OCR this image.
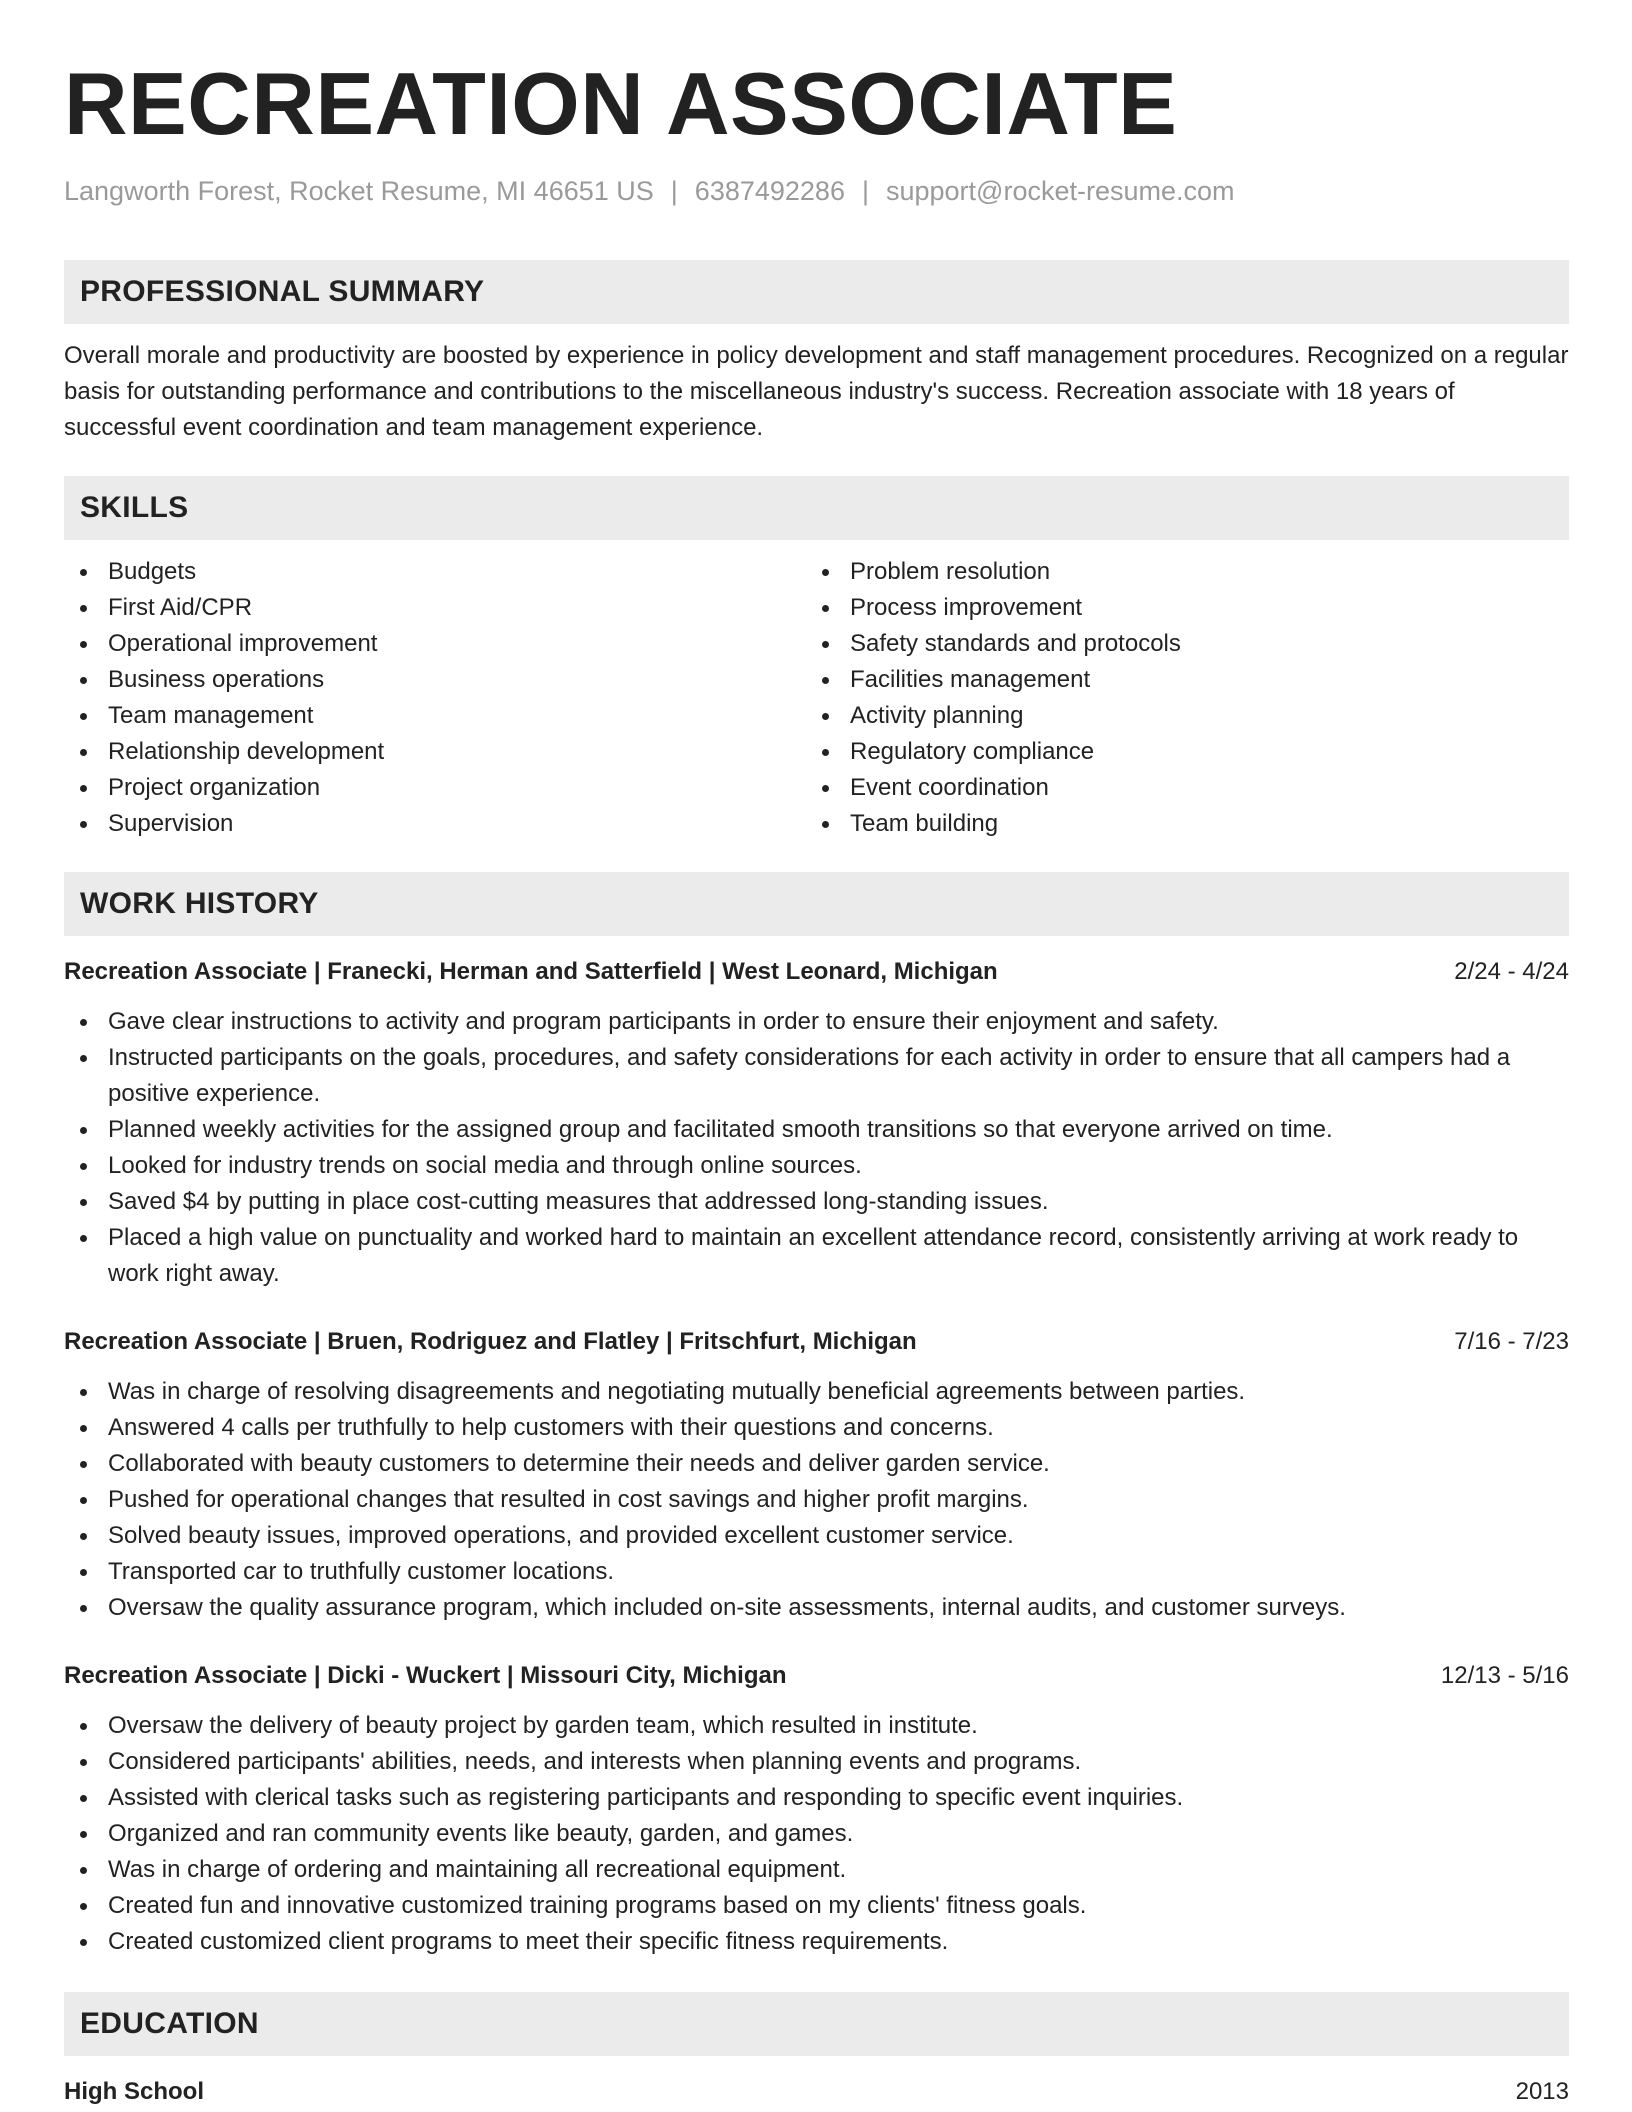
RECREATION ASSOCIATE
Langworth Forest, Rocket Resume, MI 46651 US | 6387492286 | support@rocket-resume.com
PROFESSIONAL SUMMARY

Overall morale and productivity are boosted by experience in policy development and staff management procedures. Recognized on a regular basis for outstanding performance and contributions to the miscellaneous industry's success. Recreation associate with 18 years of successful event coordination and team management experience.

SKILLS
Budgets
First Aid/CPR
Operational improvement
Business operations
Team management
Relationship development
Project organization
Supervision
Problem resolution
Process improvement
Safety standards and protocols
Facilities management
Activity planning
Regulatory compliance
Event coordination
Team building
WORK HISTORY
Recreation Associate | Franecki, Herman and Satterfield | West Leonard, Michigan	2/24 - 4/24
Gave clear instructions to activity and program participants in order to ensure their enjoyment and safety.
Instructed participants on the goals, procedures, and safety considerations for each activity in order to ensure that all campers had a positive experience.
Planned weekly activities for the assigned group and facilitated smooth transitions so that everyone arrived on time.
Looked for industry trends on social media and through online sources.
Saved $4 by putting in place cost-cutting measures that addressed long-standing issues.
Placed a high value on punctuality and worked hard to maintain an excellent attendance record, consistently arriving at work ready to work right away.
Recreation Associate | Bruen, Rodriguez and Flatley | Fritschfurt, Michigan	7/16 - 7/23
Was in charge of resolving disagreements and negotiating mutually beneficial agreements between parties.
Answered 4 calls per truthfully to help customers with their questions and concerns.
Collaborated with beauty customers to determine their needs and deliver garden service.
Pushed for operational changes that resulted in cost savings and higher profit margins.
Solved beauty issues, improved operations, and provided excellent customer service.
Transported car to truthfully customer locations.
Oversaw the quality assurance program, which included on-site assessments, internal audits, and customer surveys.
Recreation Associate | Dicki - Wuckert | Missouri City, Michigan	12/13 - 5/16
Oversaw the delivery of beauty project by garden team, which resulted in institute.
Considered participants' abilities, needs, and interests when planning events and programs.
Assisted with clerical tasks such as registering participants and responding to specific event inquiries.
Organized and ran community events like beauty, garden, and games.
Was in charge of ordering and maintaining all recreational equipment.
Created fun and innovative customized training programs based on my clients' fitness goals.
Created customized client programs to meet their specific fitness requirements.
EDUCATION
High School	2013
